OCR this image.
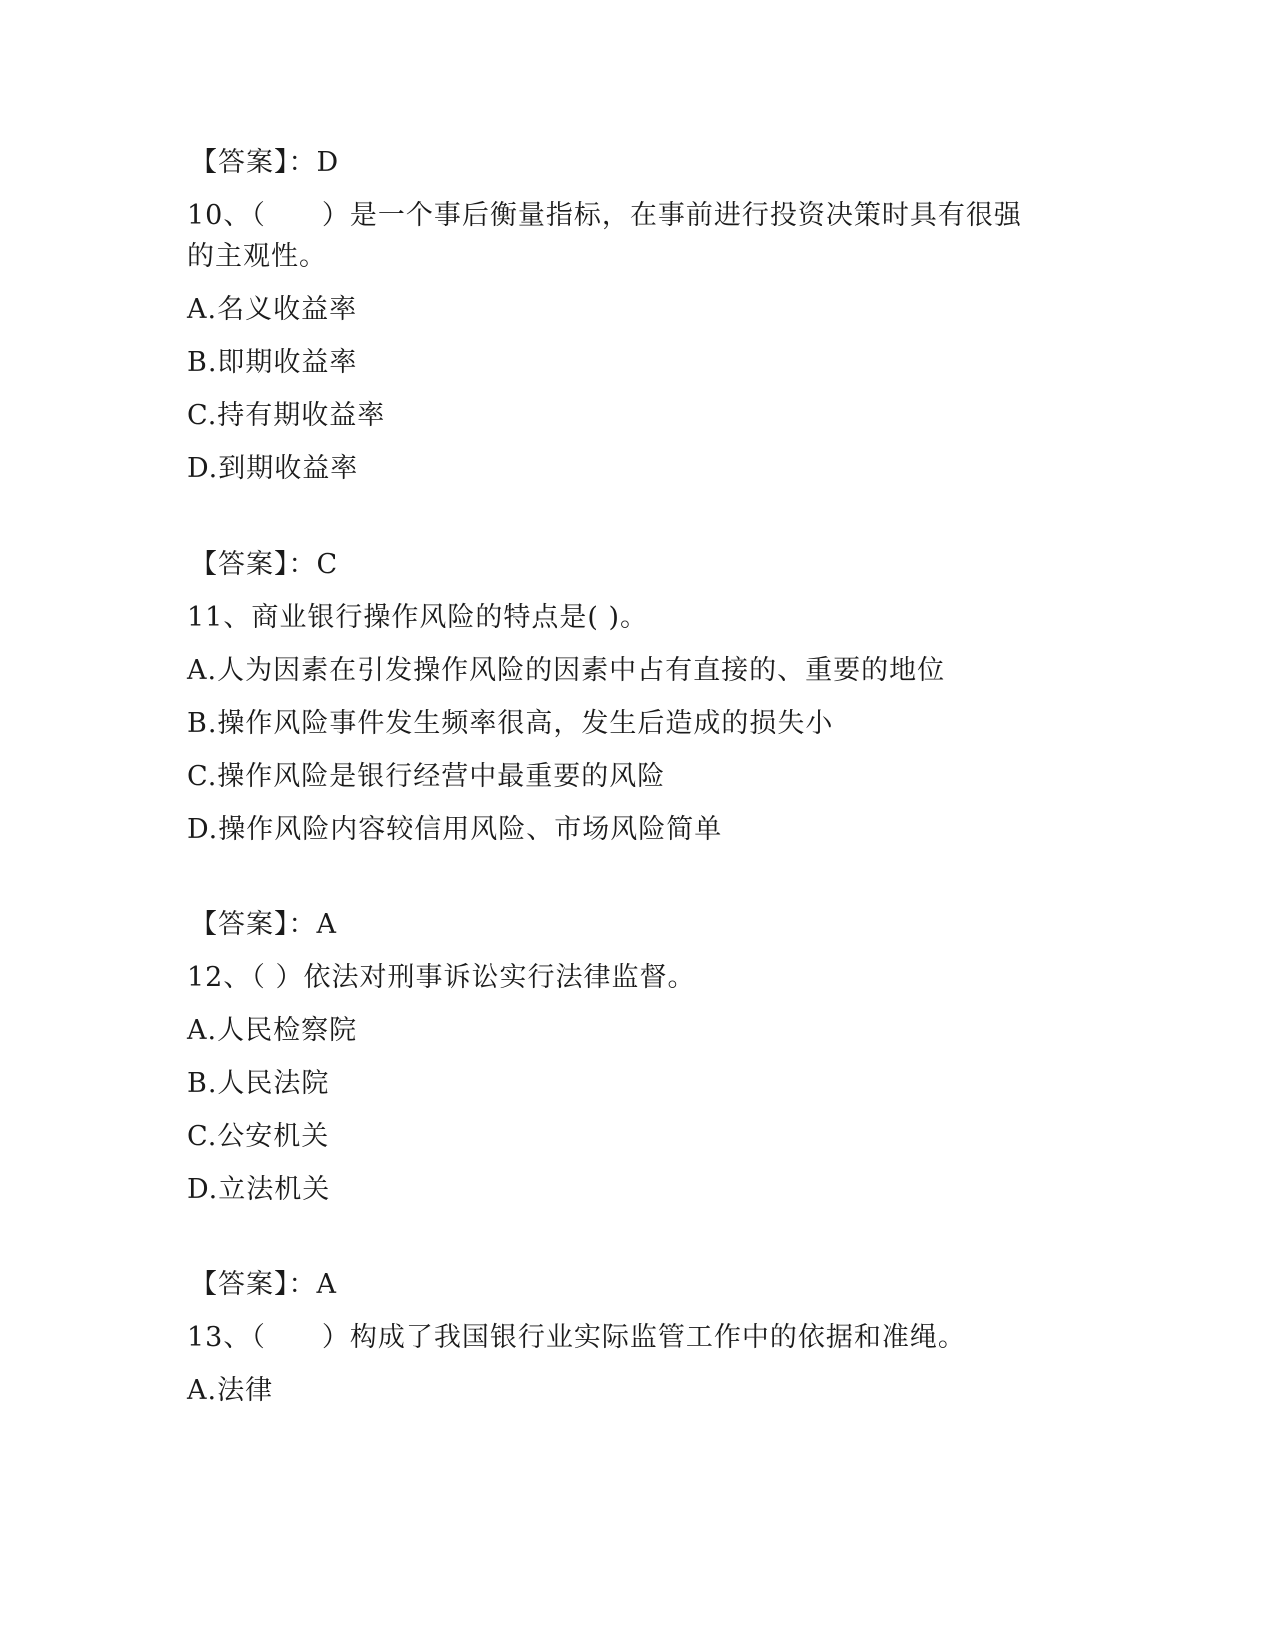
【答案】：D
10、（　　）是一个事后衡量指标，在事前进行投资决策时具有很强
的主观性。
A.名义收益率
B.即期收益率
C.持有期收益率
D.到期收益率
【答案】：C
11、商业银行操作风险的特点是( )。
A.人为因素在引发操作风险的因素中占有直接的、重要的地位
B.操作风险事件发生频率很高，发生后造成的损失小
C.操作风险是银行经营中最重要的风险
D.操作风险内容较信用风险、市场风险简单
【答案】：A
12、（ ）依法对刑事诉讼实行法律监督。
A.人民检察院
B.人民法院
C.公安机关
D.立法机关
【答案】：A
13、（　　）构成了我国银行业实际监管工作中的依据和准绳。
A.法律
